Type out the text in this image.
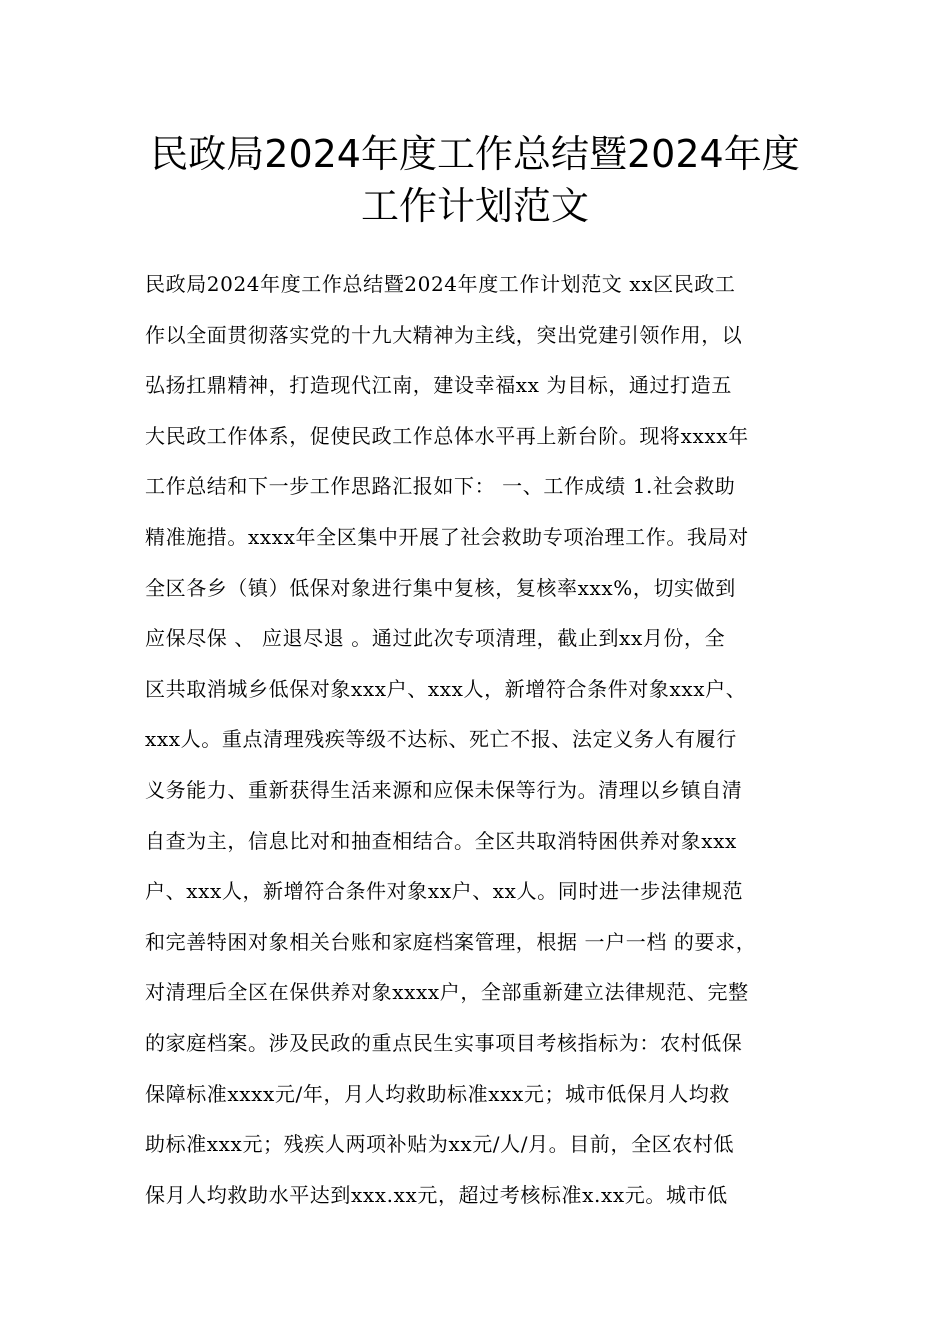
民政局2024年度工作总结暨2024年度
工作计划范文
民政局2024年度工作总结暨2024年度工作计划范文 xx区民政工
作以全面贯彻落实党的十九大精神为主线，突出党建引领作用，以
弘扬扛鼎精神，打造现代江南，建设幸福xx 为目标，通过打造五
大民政工作体系，促使民政工作总体水平再上新台阶。现将xxxx年
工作总结和下一步工作思路汇报如下： 一、工作成绩 1.社会救助
精准施措。xxxx年全区集中开展了社会救助专项治理工作。我局对
全区各乡（镇）低保对象进行集中复核，复核率xxx%，切实做到
应保尽保 、 应退尽退 。通过此次专项清理，截止到xx月份，全
区共取消城乡低保对象xxx户、xxx人，新增符合条件对象xxx户、
xxx人。重点清理残疾等级不达标、死亡不报、法定义务人有履行
义务能力、重新获得生活来源和应保未保等行为。清理以乡镇自清
自查为主，信息比对和抽查相结合。全区共取消特困供养对象xxx
户、xxx人，新增符合条件对象xx户、xx人。同时进一步法律规范
和完善特困对象相关台账和家庭档案管理，根据 一户一档 的要求，
对清理后全区在保供养对象xxxx户，全部重新建立法律规范、完整
的家庭档案。涉及民政的重点民生实事项目考核指标为：农村低保
保障标准xxxx元/年，月人均救助标准xxx元；城市低保月人均救
助标准xxx元；残疾人两项补贴为xx元/人/月。目前，全区农村低
保月人均救助水平达到xxx.xx元，超过考核标准x.xx元。城市低
